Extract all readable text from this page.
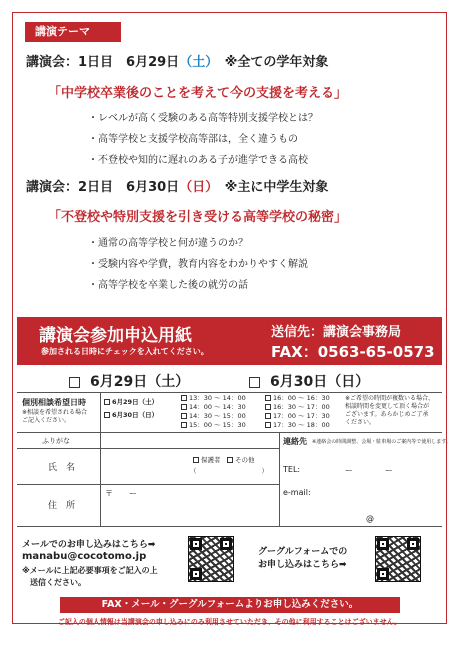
講演テーマ
講演会：1日目　6月29日（土）　 ※全ての学年対象
「中学校卒業後のことを考えて今の支援を考える」
・ レベルが高く受験のある高等特別支援学校とは？
・ 高等学校と支援学校高等部は，全く違うもの
・ 不登校や知的に遅れのある子が進学できる高校
講演会：2日目　6月30日（日）　 ※主に中学生対象
「不登校や特別支援を引き受ける高等学校の秘密」
・ 通常の高等学校と何が違うのか？
・ 受験内容や学費，教育内容をわかりやすく解説
・ 高等学校を卒業した後の就労の話
講演会参加申込用紙
参加される日時にチェックを入れてください。
送信先：講演会事務局
FAX：0563-65-0573
6月29日（土）	6月30日（日）
個別相談希望日時
※相談を希望される場合
ご記入ください。
6月29日（土）
6月30日（日）
13：30 ～ 14：00
14：00 ～ 14：30
14：30 ～ 15：00
15：00 ～ 15：30
16：00 ～ 16：30
16：30 ～ 17：00
17：00 ～ 17：30
17：30 ～ 18：00
※ご希望の時間が複数いる場合、
相談時間を変更して頂く場合が
ございます。あらかじめご了承
ください。
ふりがな
氏　名
住　所
保護者　 その他
（　　　　　　　　　　）
〒　　ー
連絡先 ※連絡会の時間調整、会場・駐車場のご案内等で使用します。
TEL:	ー　　　　ー
e-mail:
@
メールでのお申し込みはこちら➡
manabu@cocotomo.jp
※メールに上記必要事項をご記入の上
送信ください。
グーグルフォームでの
お申し込みはこちら➡
FAX・メール・グーグルフォームよりお申し込みください。
ご記入の個人情報は当講演会の申し込みにのみ利用させていただき、その他に利用することはございません。
